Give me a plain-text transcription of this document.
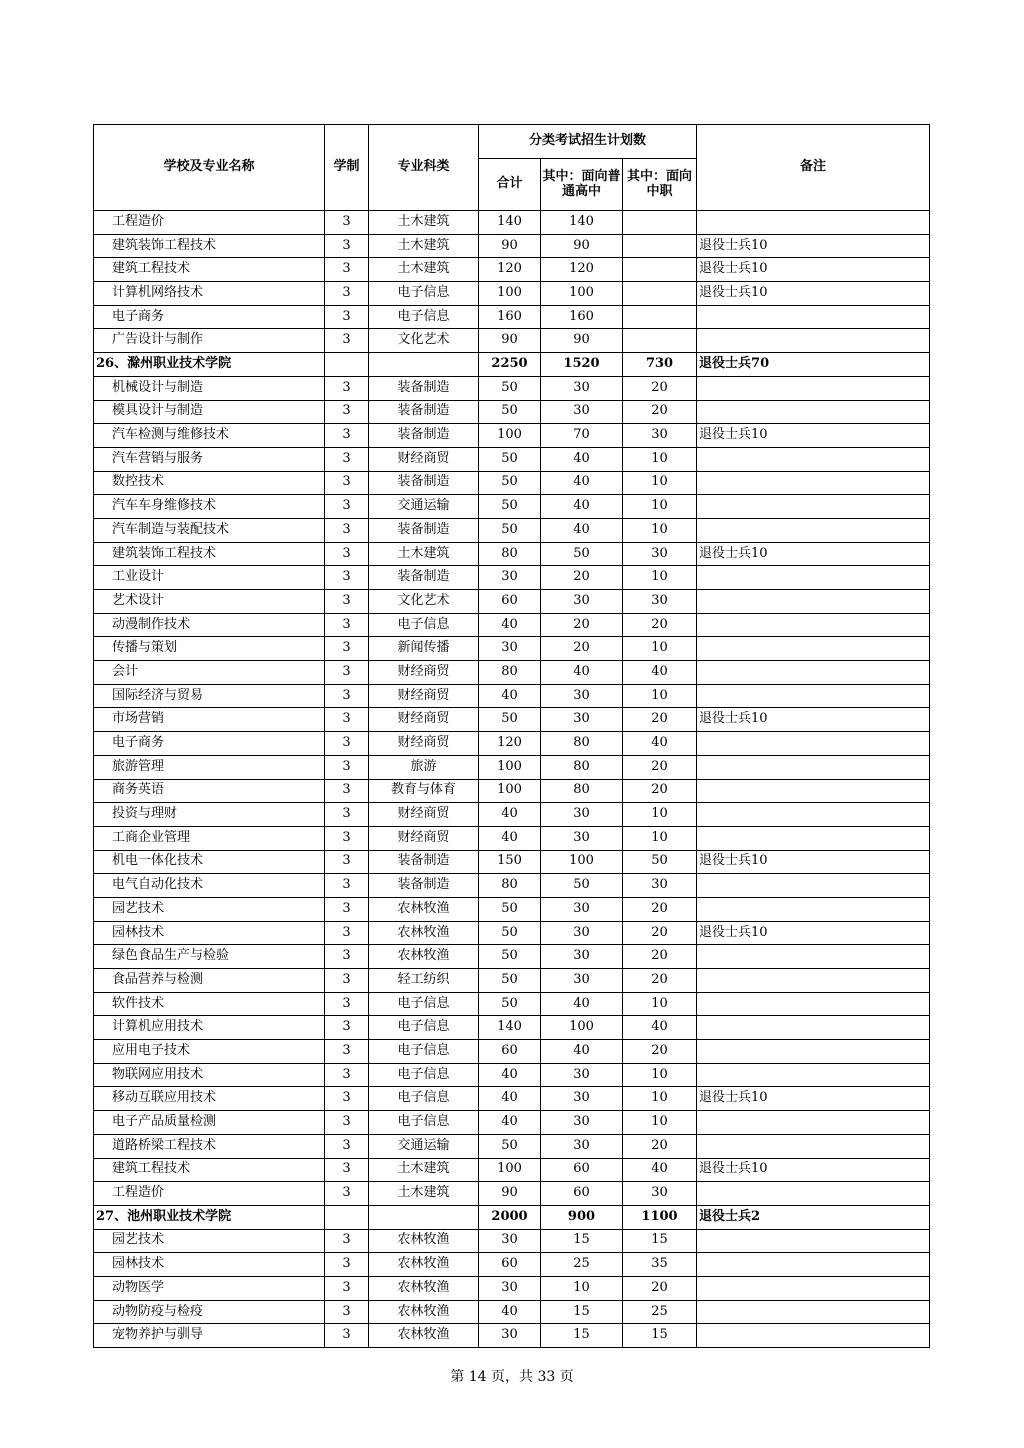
学校及专业名称	学制	专业科类	分类考试招生计划数			备注
			合计	其中：面向普通高中	其中：面向中职	
工程造价	3	土木建筑	140	140		
建筑装饰工程技术	3	土木建筑	90	90		退役士兵10
建筑工程技术	3	土木建筑	120	120		退役士兵10
计算机网络技术	3	电子信息	100	100		退役士兵10
电子商务	3	电子信息	160	160		
广告设计与制作	3	文化艺术	90	90		
26、滁州职业技术学院			2250	1520	730	退役士兵70
机械设计与制造	3	装备制造	50	30	20	
模具设计与制造	3	装备制造	50	30	20	
汽车检测与维修技术	3	装备制造	100	70	30	退役士兵10
汽车营销与服务	3	财经商贸	50	40	10	
数控技术	3	装备制造	50	40	10	
汽车车身维修技术	3	交通运输	50	40	10	
汽车制造与装配技术	3	装备制造	50	40	10	
建筑装饰工程技术	3	土木建筑	80	50	30	退役士兵10
工业设计	3	装备制造	30	20	10	
艺术设计	3	文化艺术	60	30	30	
动漫制作技术	3	电子信息	40	20	20	
传播与策划	3	新闻传播	30	20	10	
会计	3	财经商贸	80	40	40	
国际经济与贸易	3	财经商贸	40	30	10	
市场营销	3	财经商贸	50	30	20	退役士兵10
电子商务	3	财经商贸	120	80	40	
旅游管理	3	旅游	100	80	20	
商务英语	3	教育与体育	100	80	20	
投资与理财	3	财经商贸	40	30	10	
工商企业管理	3	财经商贸	40	30	10	
机电一体化技术	3	装备制造	150	100	50	退役士兵10
电气自动化技术	3	装备制造	80	50	30	
园艺技术	3	农林牧渔	50	30	20	
园林技术	3	农林牧渔	50	30	20	退役士兵10
绿色食品生产与检验	3	农林牧渔	50	30	20	
食品营养与检测	3	轻工纺织	50	30	20	
软件技术	3	电子信息	50	40	10	
计算机应用技术	3	电子信息	140	100	40	
应用电子技术	3	电子信息	60	40	20	
物联网应用技术	3	电子信息	40	30	10	
移动互联应用技术	3	电子信息	40	30	10	退役士兵10
电子产品质量检测	3	电子信息	40	30	10	
道路桥梁工程技术	3	交通运输	50	30	20	
建筑工程技术	3	土木建筑	100	60	40	退役士兵10
工程造价	3	土木建筑	90	60	30	
27、池州职业技术学院			2000	900	1100	退役士兵2
园艺技术	3	农林牧渔	30	15	15	
园林技术	3	农林牧渔	60	25	35	
动物医学	3	农林牧渔	30	10	20	
动物防疫与检疫	3	农林牧渔	40	15	25	
宠物养护与驯导	3	农林牧渔	30	15	15	
第 14 页，共 33 页
